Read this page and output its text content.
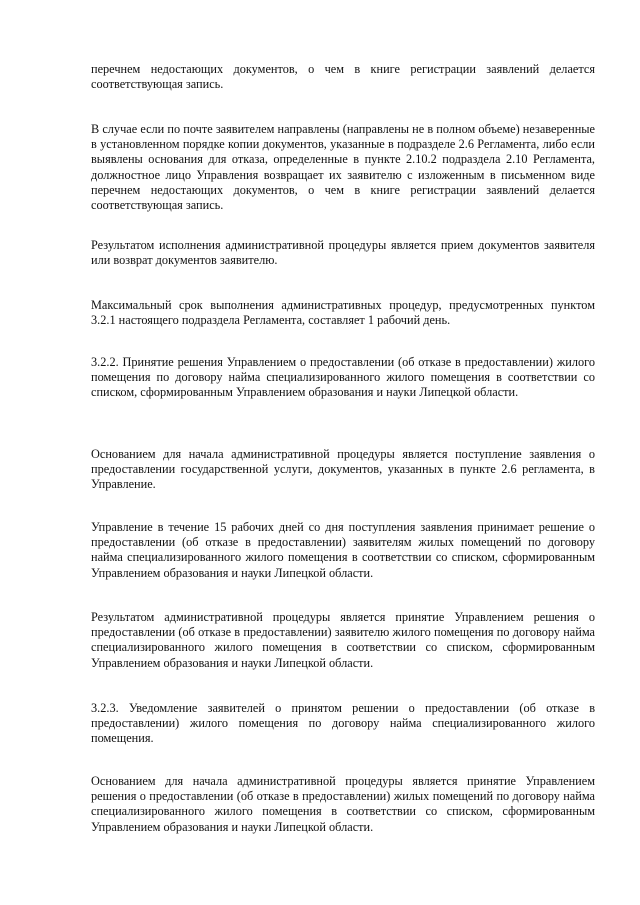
перечнем недостающих документов, о чем в книге регистрации заявлений делается соответствующая запись.

В случае если по почте заявителем направлены (направлены не в полном объеме) незаверенные в установленном порядке копии документов, указанные в подразделе 2.6 Регламента, либо если выявлены основания для отказа, определенные в пункте 2.10.2 подраздела 2.10 Регламента, должностное лицо Управления возвращает их заявителю с изложенным в письменном виде перечнем недостающих документов, о чем в книге регистрации заявлений делается соответствующая запись.

Результатом исполнения административной процедуры является прием документов заявителя или возврат документов заявителю.

Максимальный срок выполнения административных процедур, предусмотренных пунктом 3.2.1 настоящего подраздела Регламента, составляет 1 рабочий день.

3.2.2. Принятие решения Управлением о предоставлении (об отказе в предоставлении) жилого помещения по договору найма специализированного жилого помещения в соответствии со списком, сформированным Управлением образования и науки Липецкой области.

Основанием для начала административной процедуры является поступление заявления о предоставлении государственной услуги, документов, указанных в пункте 2.6 регламента, в Управление.

Управление в течение 15 рабочих дней со дня поступления заявления принимает решение о предоставлении (об отказе в предоставлении) заявителям жилых помещений по договору найма специализированного жилого помещения в соответствии со списком, сформированным Управлением образования и науки Липецкой области.

Результатом административной процедуры является принятие Управлением решения о предоставлении (об отказе в предоставлении) заявителю жилого помещения по договору найма специализированного жилого помещения в соответствии со списком, сформированным Управлением образования и науки Липецкой области.

3.2.3. Уведомление заявителей о принятом решении о предоставлении (об отказе в предоставлении) жилого помещения по договору найма специализированного жилого помещения.

Основанием для начала административной процедуры является принятие Управлением решения о предоставлении (об отказе в предоставлении) жилых помещений по договору найма специализированного жилого помещения в соответствии со списком, сформированным Управлением образования и науки Липецкой области.
